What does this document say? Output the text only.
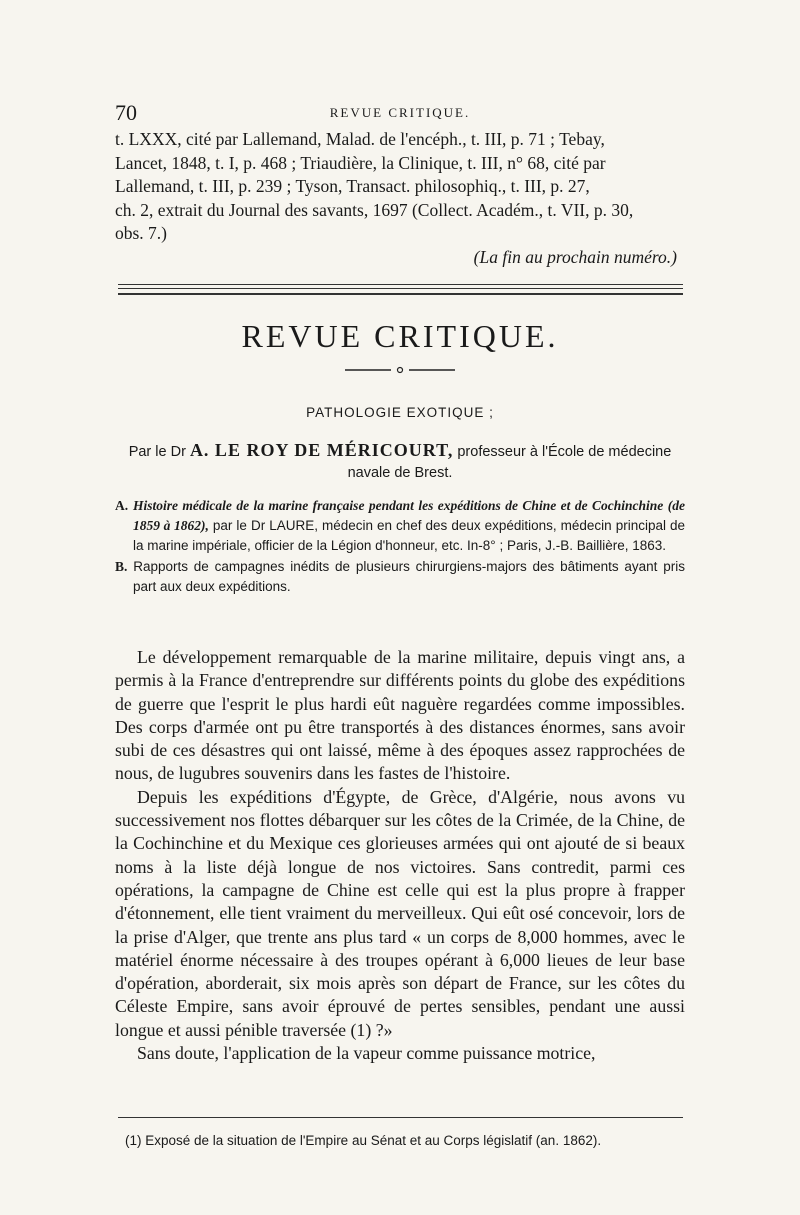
70	REVUE CRITIQUE.

t. LXXX, cité par Lallemand, Malad. de l'encéph., t. III, p. 71 ; Tebay,

Lancet, 1848, t. I, p. 468 ; Triaudière, la Clinique, t. III, n° 68, cité par

Lallemand, t. III, p. 239 ; Tyson, Transact. philosophiq., t. III, p. 27,

ch. 2, extrait du Journal des savants, 1697 (Collect. Académ., t. VII, p. 30,

obs. 7.)

(La fin au prochain numéro.)

REVUE CRITIQUE.
PATHOLOGIE EXOTIQUE ;
Par le Dr A. LE ROY DE MÉRICOURT, professeur à l'École de médecine navale de Brest.

A. Histoire médicale de la marine française pendant les expéditions de Chine et de Cochinchine (de 1859 à 1862), par le Dr LAURE, médecin en chef des deux expéditions, médecin principal de la marine impériale, officier de la Légion d'honneur, etc. In-8° ; Paris, J.-B. Baillière, 1863.

B. Rapports de campagnes inédits de plusieurs chirurgiens-majors des bâtiments ayant pris part aux deux expéditions.

Le développement remarquable de la marine militaire, depuis vingt ans, a permis à la France d'entreprendre sur différents points du globe des expéditions de guerre que l'esprit le plus hardi eût naguère regardées comme impossibles. Des corps d'armée ont pu être transportés à des distances énormes, sans avoir subi de ces désastres qui ont laissé, même à des époques assez rapprochées de nous, de lugubres souvenirs dans les fastes de l'histoire.

Depuis les expéditions d'Égypte, de Grèce, d'Algérie, nous avons vu successivement nos flottes débarquer sur les côtes de la Crimée, de la Chine, de la Cochinchine et du Mexique ces glorieuses armées qui ont ajouté de si beaux noms à la liste déjà longue de nos victoires. Sans contredit, parmi ces opérations, la campagne de Chine est celle qui est la plus propre à frapper d'étonnement, elle tient vraiment du merveilleux. Qui eût osé concevoir, lors de la prise d'Alger, que trente ans plus tard « un corps de 8,000 hommes, avec le matériel énorme nécessaire à des troupes opérant à 6,000 lieues de leur base d'opération, aborderait, six mois après son départ de France, sur les côtes du Céleste Empire, sans avoir éprouvé de pertes sensibles, pendant une aussi longue et aussi pénible traversée (1) ?»

Sans doute, l'application de la vapeur comme puissance motrice,

(1) Exposé de la situation de l'Empire au Sénat et au Corps législatif (an. 1862).
